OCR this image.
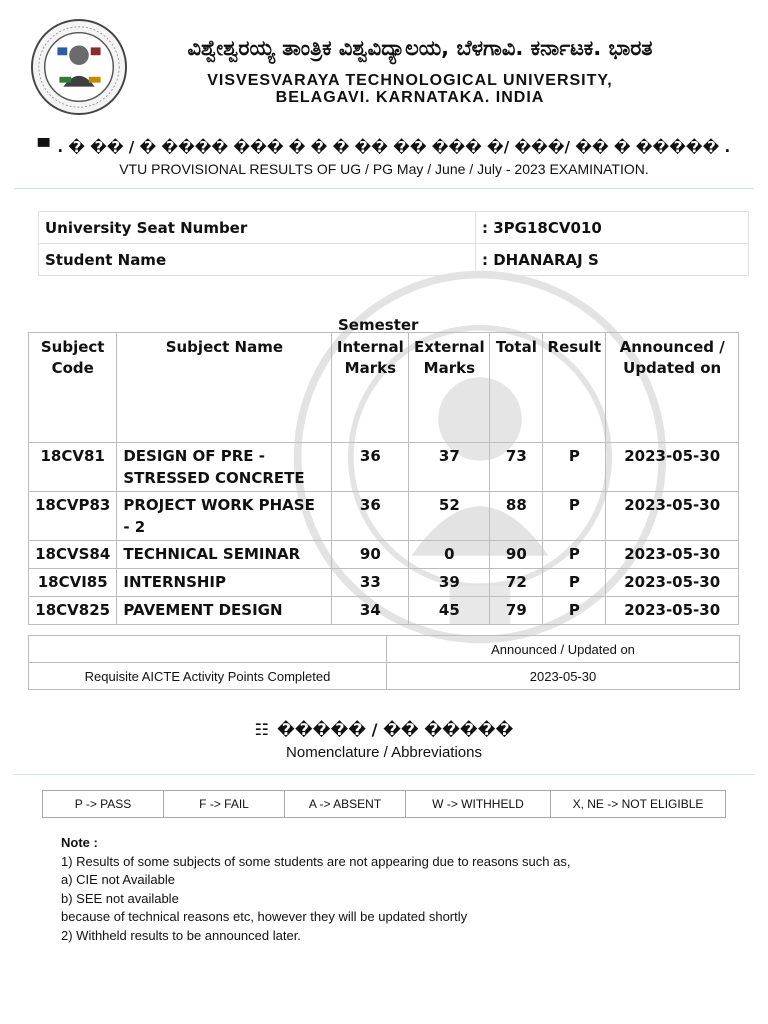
ವಿಶ್ವೇಶ್ವರಯ್ಯ ತಾಂತ್ರಿಕ ವಿಶ್ವವಿದ್ಯಾಲಯ, ಬೆಳಗಾವಿ. ಕರ್ನಾಟಕ. ಭಾರತ
VISVESVARAYA TECHNOLOGICAL UNIVERSITY,
BELAGAVI. KARNATAKA. INDIA
▀ . � �� / � ���� ��� � � � �� �� ��� �/ ���/ �� � ����� .
VTU PROVISIONAL RESULTS OF UG / PG May / June / July - 2023 EXAMINATION.
University Seat Number	: 3PG18CV010
Student Name	: DHANARAJ S
Semester
Subject Code	Subject Name	Internal Marks	External Marks	Total	Result	Announced / Updated on
18CV81	DESIGN OF PRE - STRESSED CONCRETE	36	37	73	P	2023-05-30
18CVP83	PROJECT WORK PHASE - 2	36	52	88	P	2023-05-30
18CVS84	TECHNICAL SEMINAR	90	0	90	P	2023-05-30
18CVI85	INTERNSHIP	33	39	72	P	2023-05-30
18CV825	PAVEMENT DESIGN	34	45	79	P	2023-05-30
	Announced / Updated on
Requisite AICTE Activity Points Completed	2023-05-30
☷ ����� / �� �����
Nomenclature / Abbreviations
P -> PASS	F -> FAIL	A -> ABSENT	W -> WITHHELD	X, NE -> NOT ELIGIBLE
Note :
1) Results of some subjects of some students are not appearing due to reasons such as,
a) CIE not Available
b) SEE not available
because of technical reasons etc, however they will be updated shortly
2) Withheld results to be announced later.
